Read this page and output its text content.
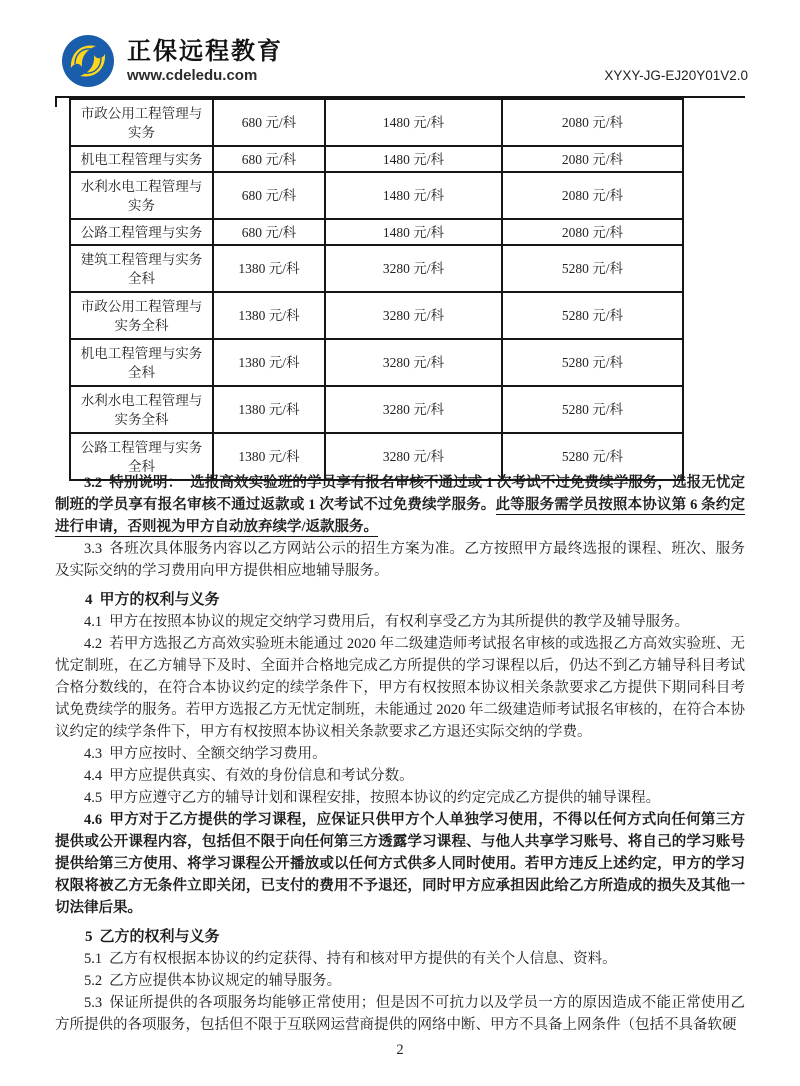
正保远程教育
www.cdeledu.com	XYXY-JG-EJ20Y01V2.0
市政公用工程管理与实务	680 元/科	1480 元/科	2080 元/科
机电工程管理与实务	680 元/科	1480 元/科	2080 元/科
水利水电工程管理与实务	680 元/科	1480 元/科	2080 元/科
公路工程管理与实务	680 元/科	1480 元/科	2080 元/科
建筑工程管理与实务全科	1380 元/科	3280 元/科	5280 元/科
市政公用工程管理与实务全科	1380 元/科	3280 元/科	5280 元/科
机电工程管理与实务全科	1380 元/科	3280 元/科	5280 元/科
水利水电工程管理与实务全科	1380 元/科	3280 元/科	5280 元/科
公路工程管理与实务全科	1380 元/科	3280 元/科	5280 元/科

3.2 特别说明： 选报高效实验班的学员享有报名审核不通过或 1 次考试不过免费续学服务，选报无忧定制班的学员享有报名审核不通过返款或 1 次考试不过免费续学服务。此等服务需学员按照本协议第 6 条约定进行申请，否则视为甲方自动放弃续学/返款服务。

3.3 各班次具体服务内容以乙方网站公示的招生方案为准。乙方按照甲方最终选报的课程、班次、服务及实际交纳的学习费用向甲方提供相应地辅导服务。

4 甲方的权利与义务

4.1 甲方在按照本协议的规定交纳学习费用后，有权利享受乙方为其所提供的教学及辅导服务。

4.2 若甲方选报乙方高效实验班未能通过 2020 年二级建造师考试报名审核的或选报乙方高效实验班、无忧定制班，在乙方辅导下及时、全面并合格地完成乙方所提供的学习课程以后，仍达不到乙方辅导科目考试合格分数线的，在符合本协议约定的续学条件下，甲方有权按照本协议相关条款要求乙方提供下期同科目考试免费续学的服务。若甲方选报乙方无忧定制班，未能通过 2020 年二级建造师考试报名审核的，在符合本协议约定的续学条件下，甲方有权按照本协议相关条款要求乙方退还实际交纳的学费。

4.3 甲方应按时、全额交纳学习费用。

4.4 甲方应提供真实、有效的身份信息和考试分数。

4.5 甲方应遵守乙方的辅导计划和课程安排，按照本协议的约定完成乙方提供的辅导课程。

4.6 甲方对于乙方提供的学习课程，应保证只供甲方个人单独学习使用，不得以任何方式向任何第三方提供或公开课程内容，包括但不限于向任何第三方透露学习课程、与他人共享学习账号、将自己的学习账号提供给第三方使用、将学习课程公开播放或以任何方式供多人同时使用。若甲方违反上述约定，甲方的学习权限将被乙方无条件立即关闭，已支付的费用不予退还，同时甲方应承担因此给乙方所造成的损失及其他一切法律后果。

5 乙方的权利与义务

5.1 乙方有权根据本协议的约定获得、持有和核对甲方提供的有关个人信息、资料。

5.2 乙方应提供本协议规定的辅导服务。

5.3 保证所提供的各项服务均能够正常使用；但是因不可抗力以及学员一方的原因造成不能正常使用乙方所提供的各项服务，包括但不限于互联网运营商提供的网络中断、甲方不具备上网条件（包括不具备软硬

2
